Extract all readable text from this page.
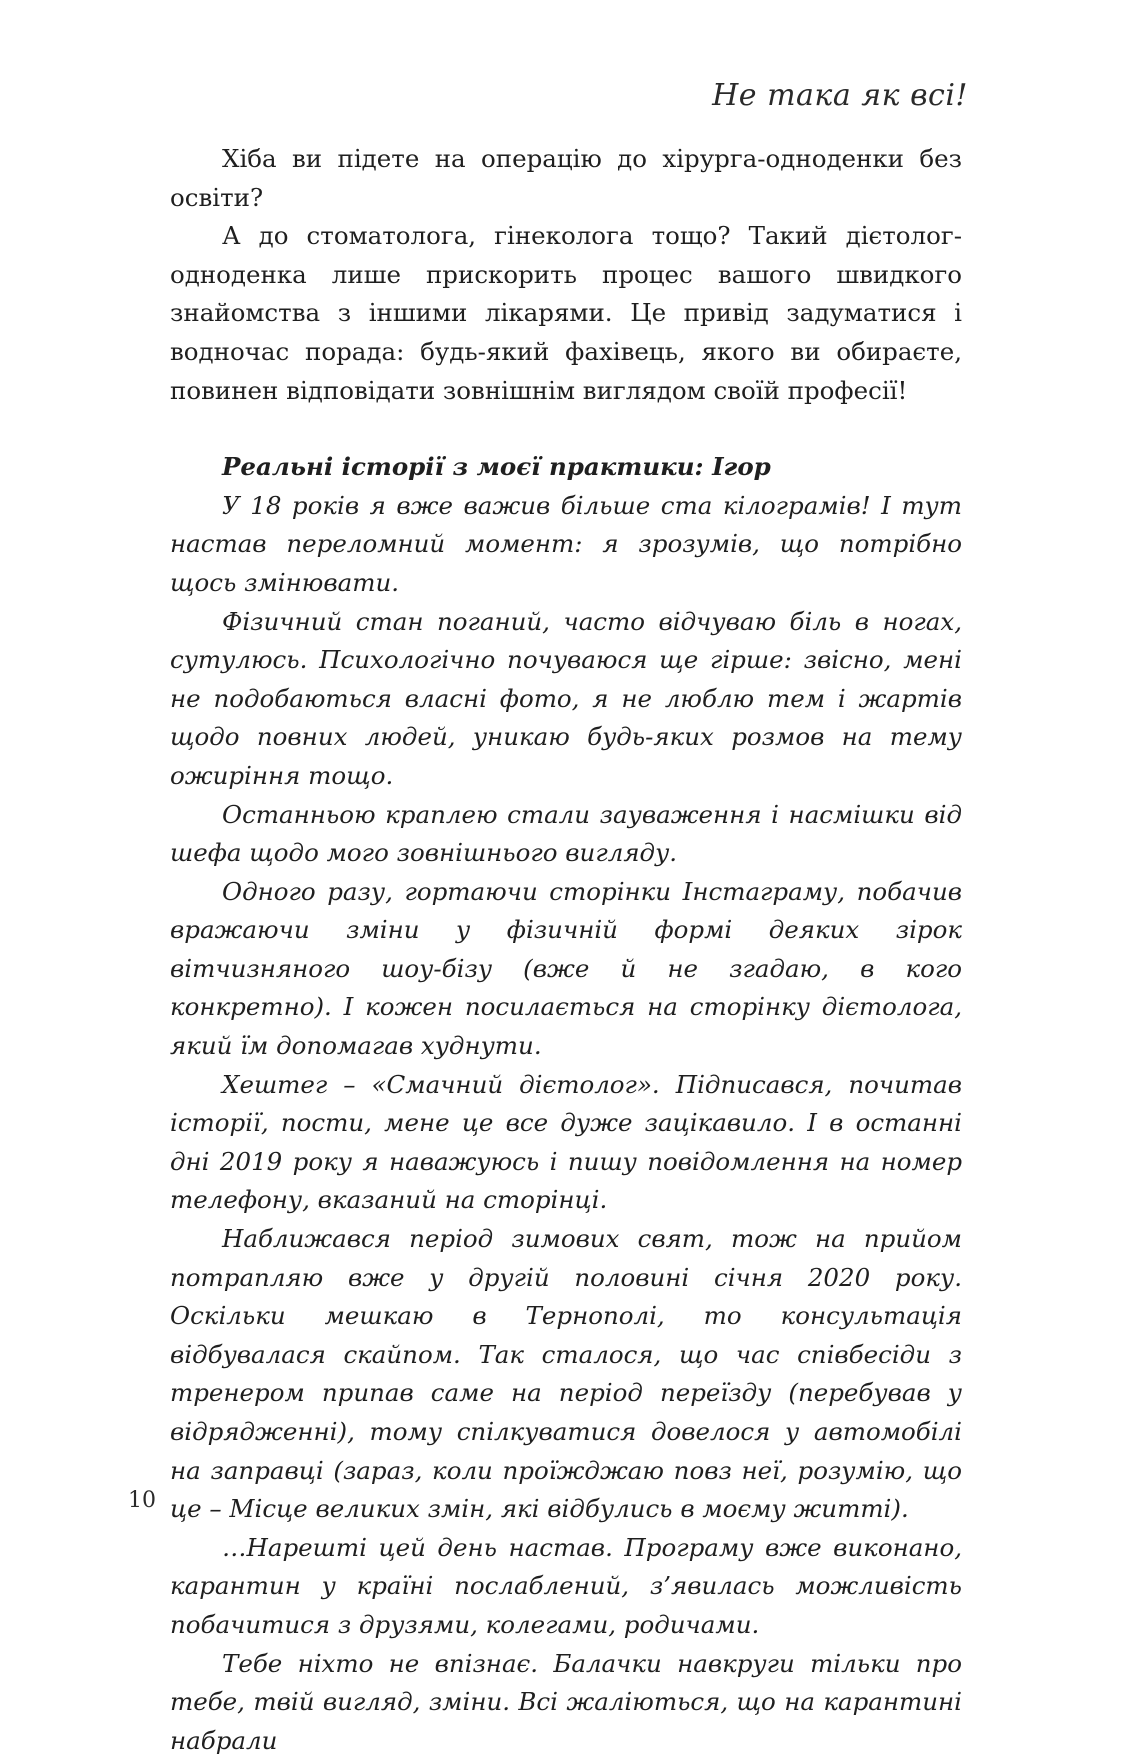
Не така як всі!

Хіба ви підете на операцію до хірурга-одноденки без освіти?

А до стоматолога, гінеколога тощо? Такий дієтолог-одноденка лише прискорить процес вашого швидкого знайомства з іншими лікарями. Це привід задуматися і водночас порада: будь-який фахівець, якого ви обираєте, повинен відповідати зовнішнім виглядом своїй професії!

Реальні історії з моєї практики: Ігор

У 18 років я вже важив більше ста кілограмів! І тут настав переломний момент: я зрозумів, що потрібно щось змінювати.

Фізичний стан поганий, часто відчуваю біль в ногах, сутулюсь. Психологічно почуваюся ще гірше: звісно, мені не подобаються власні фото, я не люблю тем і жартів щодо повних людей, уникаю будь-яких розмов на тему ожиріння тощо.

Останньою краплею стали зауваження і насмішки від шефа щодо мого зовнішнього вигляду.

Одного разу, гортаючи сторінки Інстаграму, побачив вражаючи зміни у фізичній формі деяких зірок вітчизняного шоу-бізу (вже й не згадаю, в кого конкретно). І кожен посилається на сторінку дієтолога, який їм допомагав худнути.

Хештег – «Смачний дієтолог». Підписався, почитав історії, пости, мене це все дуже зацікавило. І в останні дні 2019 року я наважуюсь і пишу повідомлення на номер телефону, вказаний на сторінці.

Наближався період зимових свят, тож на прийом потрапляю вже у другій половині січня 2020 року. Оскільки мешкаю в Тернополі, то консультація відбувалася скайпом. Так сталося, що час співбесіди з тренером припав саме на період переїзду (перебував у відрядженні), тому спілкуватися довелося у автомобілі на заправці (зараз, коли проїжджаю повз неї, розумію, що це – Місце великих змін, які відбулись в моєму житті).

…Нарешті цей день настав. Програму вже виконано, карантин у країні послаблений, з’явилась можливість побачитися з друзями, колегами, родичами.

Тебе ніхто не впізнає. Балачки навкруги тільки про тебе, твій вигляд, зміни. Всі жаліються, що на карантині набрали

10
